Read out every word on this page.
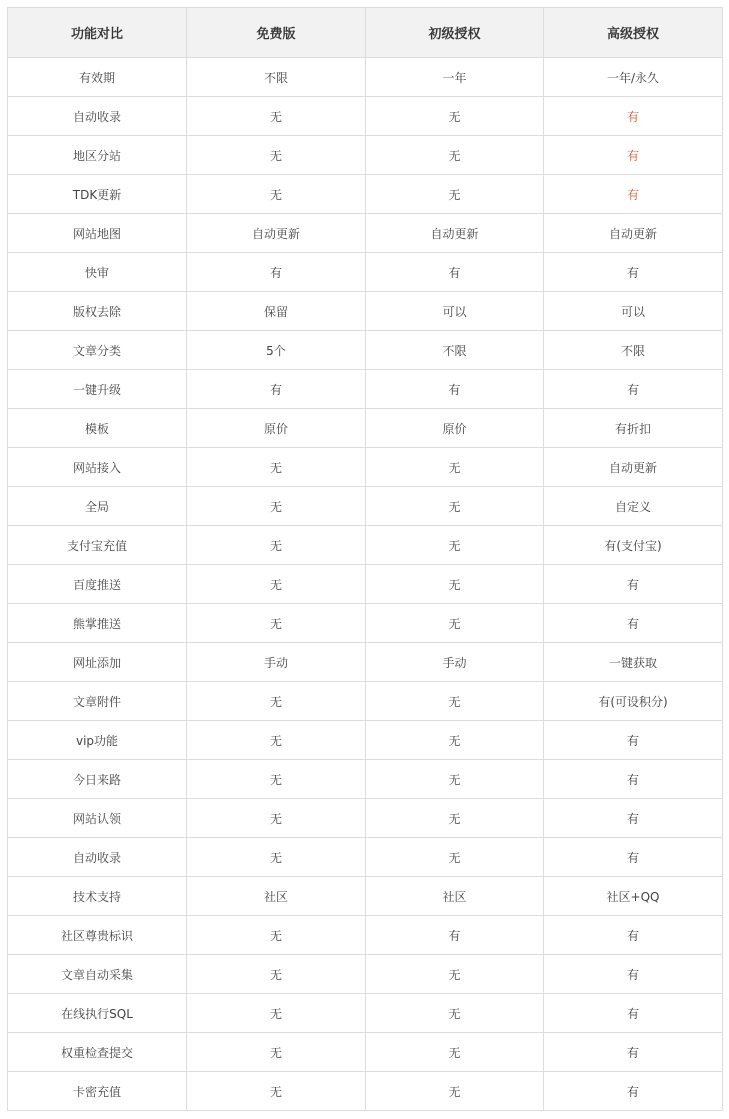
功能对比	免费版	初级授权	高级授权
有效期	不限	一年	一年/永久
自动收录	无	无	有
地区分站	无	无	有
TDK更新	无	无	有
网站地图	自动更新	自动更新	自动更新
快审	有	有	有
版权去除	保留	可以	可以
文章分类	5个	不限	不限
一键升级	有	有	有
模板	原价	原价	有折扣
网站接入	无	无	自动更新
全局	无	无	自定义
支付宝充值	无	无	有(支付宝)
百度推送	无	无	有
熊掌推送	无	无	有
网址添加	手动	手动	一键获取
文章附件	无	无	有(可设积分)
vip功能	无	无	有
今日来路	无	无	有
网站认领	无	无	有
自动收录	无	无	有
技术支持	社区	社区	社区+QQ
社区尊贵标识	无	有	有
文章自动采集	无	无	有
在线执行SQL	无	无	有
权重检查提交	无	无	有
卡密充值	无	无	有
